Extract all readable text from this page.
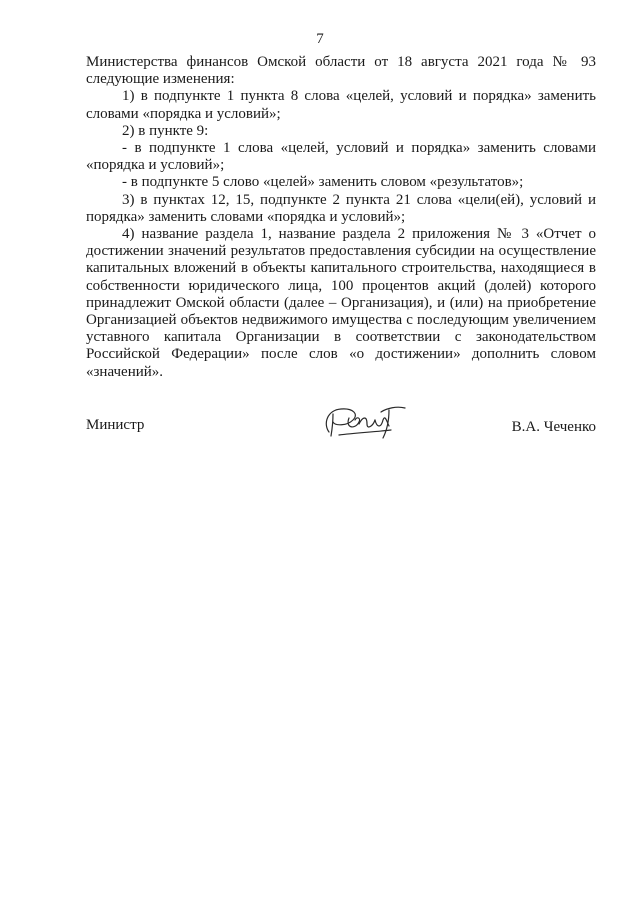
7

Министерства финансов Омской области от 18 августа 2021 года № 93 следующие изменения:

1) в подпункте 1 пункта 8 слова «целей, условий и порядка» заменить словами «порядка и условий»;

2) в пункте 9:

- в подпункте 1 слова «целей, условий и порядка» заменить словами «порядка и условий»;

- в подпункте 5 слово «целей» заменить словом «результатов»;

3) в пунктах 12, 15, подпункте 2 пункта 21 слова «цели(ей), условий и порядка» заменить словами «порядка и условий»;

4) название раздела 1, название раздела 2 приложения № 3 «Отчет о достижении значений результатов предоставления субсидии на осуществление капитальных вложений в объекты капитального строительства, находящиеся в собственности юридического лица, 100 процентов акций (долей) которого принадлежит Омской области (далее – Организация), и (или) на приобретение Организацией объектов недвижимого имущества с последующим увеличением уставного капитала Организации в соответствии с законодательством Российской Федерации» после слов «о достижении» дополнить словом «значений».

Министр	В.А. Чеченко
